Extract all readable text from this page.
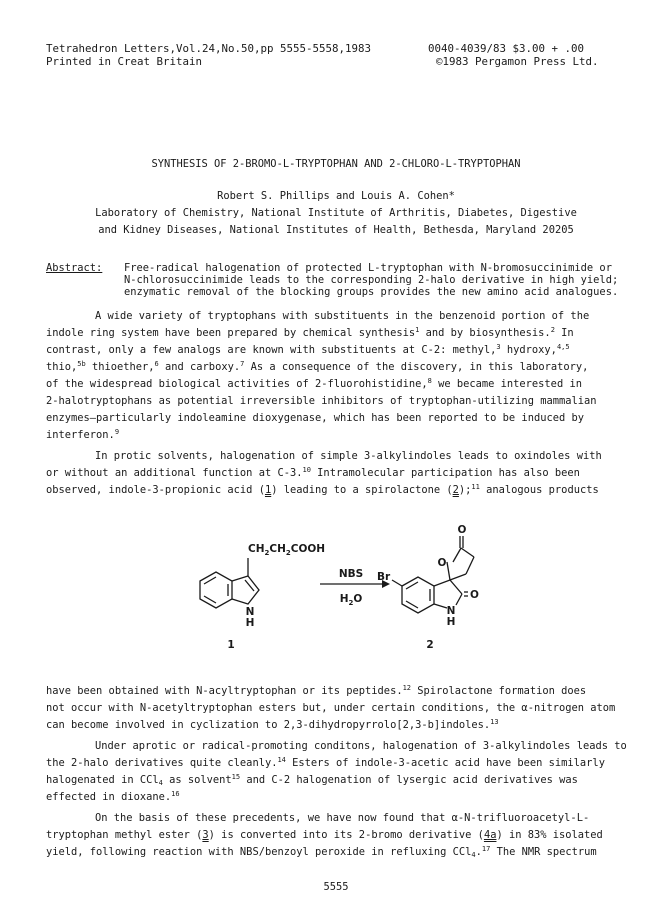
Tetrahedron Letters,Vol.24,No.50,pp 5555-5558,1983
Printed in Creat Britain
0040-4039/83 $3.00 + .00
©1983 Pergamon Press Ltd.
SYNTHESIS OF 2-BROMO-L-TRYPTOPHAN AND 2-CHLORO-L-TRYPTOPHAN
Robert S. Phillips and Louis A. Cohen*
Laboratory of Chemistry, National Institute of Arthritis, Diabetes, Digestive
and Kidney Diseases, National Institutes of Health, Bethesda, Maryland 20205
Abstract: Free-radical halogenation of protected L-tryptophan with N-bromosuccinimide or
N-chlorosuccinimide leads to the corresponding 2-halo derivative in high yield;
enzymatic removal of the blocking groups provides the new amino acid analogues.
A wide variety of tryptophans with substituents in the benzenoid portion of the
indole ring system have been prepared by chemical synthesis$^1$ and by biosynthesis.$^2$ In
contrast, only a few analogs are known with substituents at C-2: methyl,$^3$ hydroxy,$^{4,5}$
thio,$^{5b}$ thioether,$^6$ and carboxy.$^7$ As a consequence of the discovery, in this laboratory,
of the widespread biological activities of 2-fluorohistidine,$^8$ we became interested in
2-halotryptophans as potential irreversible inhibitors of tryptophan-utilizing mammalian
enzymes—particularly indoleamine dioxygenase, which has been reported to be induced by
interferon.$^9$
In protic solvents, halogenation of simple 3-alkylindoles leads to oxindoles with
or without an additional function at C-3.10 Intramolecular participation has also been
observed, indole-3-propionic acid (1) leading to a spirolactone (2);$^{11}$ analogous products
$CH_2CH_2COOH$
N
H
NBS
$H_2O$
Br
O
O
O
N
H
1	2
have been obtained with N-acyltryptophan or its peptides.$^{12}$ Spirolactone formation does
not occur with N-acetyltryptophan esters but, under certain conditions, the α-nitrogen atom
can become involved in cyclization to 2,3-dihydropyrrolo[2,3-b]indoles.$^{13}$
Under aprotic or radical-promoting conditons, halogenation of 3-alkylindoles leads to
the 2-halo derivatives quite cleanly.$^{14}$ Esters of indole-3-acetic acid have been similarly
halogenated in CCl4 as solvent$^{15}$ and C-2 halogenation of lysergic acid derivatives was
effected in dioxane.$^{16}$
On the basis of these precedents, we have now found that α-N-trifluoroacetyl-L-
tryptophan methyl ester (3) is converted into its 2-bromo derivative (4a) in 83% isolated
yield, following reaction with NBS/benzoyl peroxide in refluxing CCl4.17 The NMR spectrum
5555
